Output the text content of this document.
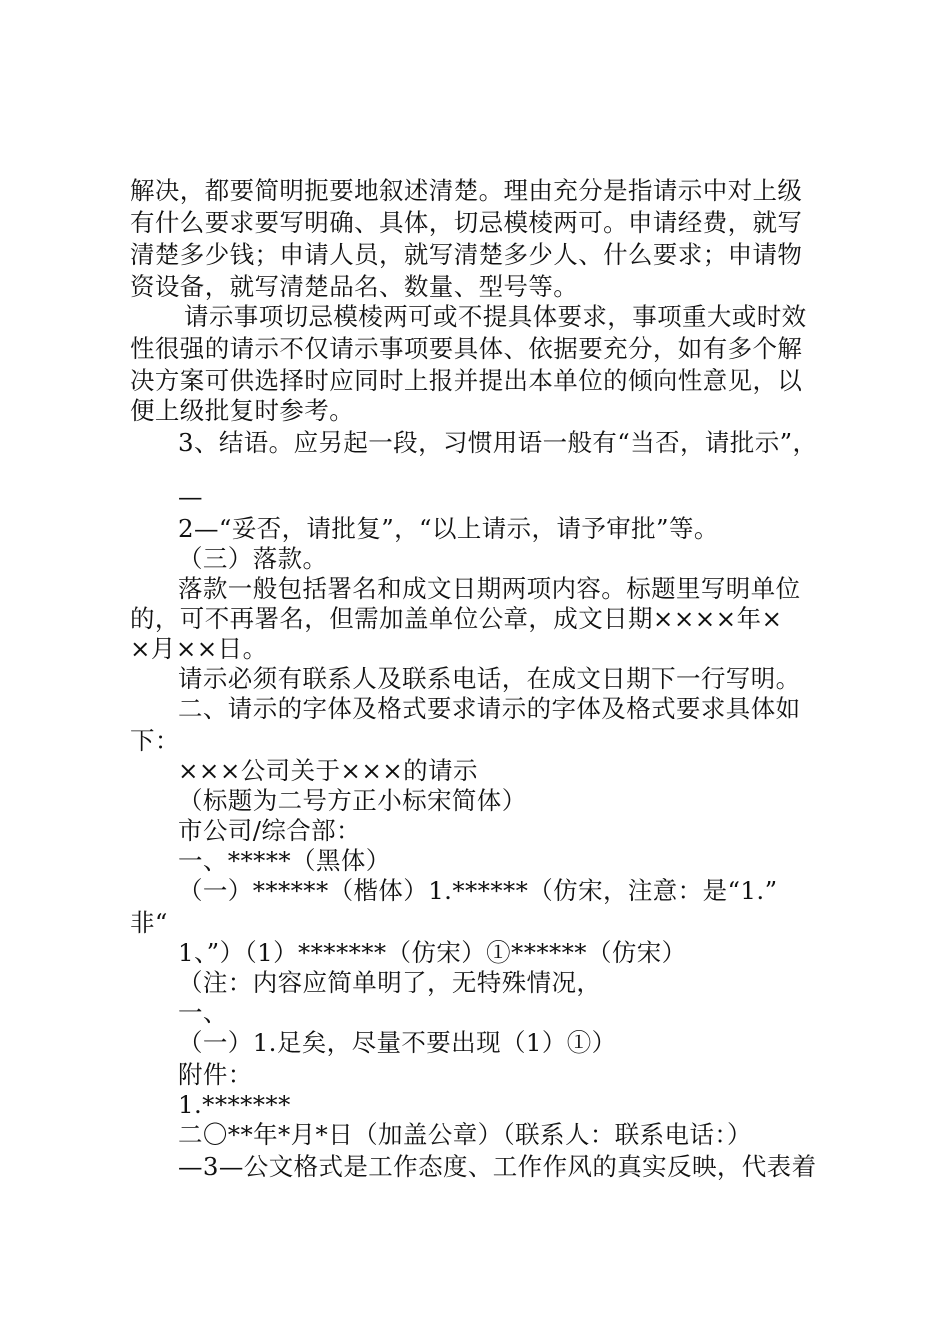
解决，都要简明扼要地叙述清楚。理由充分是指请示中对上级
有什么要求要写明确、具体，切忌模棱两可。申请经费，就写
清楚多少钱；申请人员，就写清楚多少人、什么要求；申请物
资设备，就写清楚品名、数量、型号等。
请示事项切忌模棱两可或不提具体要求，事项重大或时效
性很强的请示不仅请示事项要具体、依据要充分，如有多个解
决方案可供选择时应同时上报并提出本单位的倾向性意见，以
便上级批复时参考。
3、结语。应另起一段，习惯用语一般有“当否，请批示”，
—
2—“妥否，请批复”，“以上请示，请予审批”等。
（三）落款。
落款一般包括署名和成文日期两项内容。标题里写明单位
的，可不再署名，但需加盖单位公章，成文日期××××年×
×月××日。
请示必须有联系人及联系电话，在成文日期下一行写明。
二、请示的字体及格式要求请示的字体及格式要求具体如
下：
×××公司关于×××的请示
（标题为二号方正小标宋简体）
市公司/综合部：
一、*****（黑体）
（一）******（楷体）1.******（仿宋，注意：是“1.”
非“
1、”）（1）*******（仿宋）①******（仿宋）
（注：内容应简单明了，无特殊情况，
一、
（一）1.足矣，尽量不要出现（1）①）
附件：
1.*******
二〇**年*月*日（加盖公章）（联系人：联系电话：）
—3—公文格式是工作态度、工作作风的真实反映，代表着
